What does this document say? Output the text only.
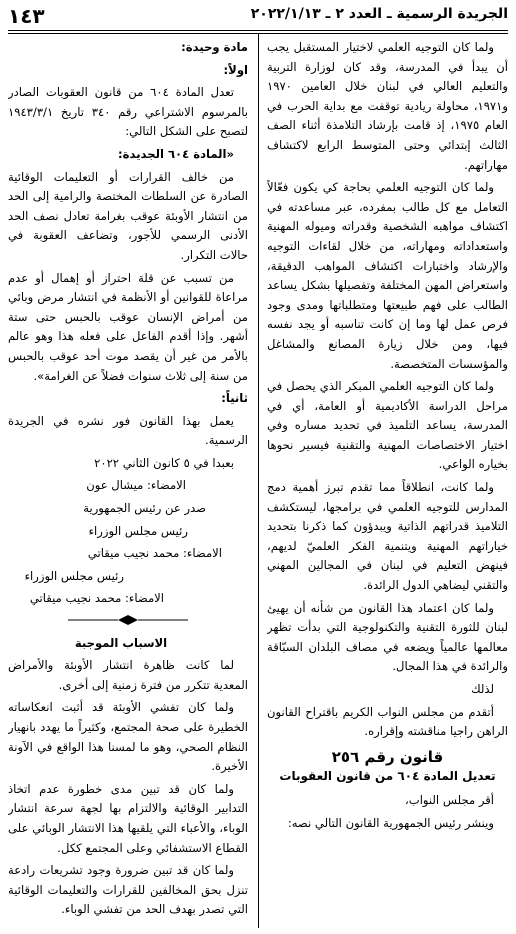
الجريدة الرسمية ـ العدد ٢ ـ ٢٠٢٢/١/١٣
١٤٣

ولما كان التوجيه العلمي لاختيار المستقبل يجب أن يبدأ في المدرسة، وقد كان لوزارة التربية والتعليم العالي في لبنان خلال العامين ١٩٧٠ و١٩٧١، محاولة ريادية توقفت مع بداية الحرب في العام ١٩٧٥، إذ قامت بإرشاد التلامذة أثناء الصف الثالث إبتدائي وحتى المتوسط الرابع لاكتشاف مهاراتهم.

ولما كان التوجيه العلمي بحاجة كي يكون فعّالاً التعامل مع كل طالب بمفرده، عبر مساعدته في اكتشاف مواهبه الشخصية وقدراته وميوله المهنية واستعداداته ومهاراته، من خلال لقاءات التوجيه والإرشاد واختبارات اكتشاف المواهب الدقيقة، واستعراض المهن المختلفة وتفصيلها بشكل يساعد الطالب على فهم طبيعتها ومتطلباتها ومدى وجود فرص عمل لها وما إن كانت تناسبه أو يجد نفسه فيها، ومن خلال زيارة المصانع والمشاغل والمؤسسات المتخصصة.

ولما كان التوجيه العلمي المبكر الذي يحصل في مراحل الدراسة الأكاديمية أو العامة، أي في المدرسة، يساعد التلميذ في تحديد مساره وفي اختيار الاختصاصات المهنية والتقنية فيسير نحوها بخياره الواعي.

ولما كانت، انطلاقاً مما تقدم تبرز أهمية دمج المدارس للتوجيه العلمي في برامجها، ليستكشف التلاميذ قدراتهم الذاتية ويبدؤون كما ذكرنا بتحديد خياراتهم المهنية ويتنمية الفكر العلميّ لديهم، فينهض التعليم في لبنان في المجالين المهني والتقني ليضاهي الدول الرائدة.

ولما كان اعتماد هذا القانون من شأنه أن يهيئ لبنان للثورة التقنية والتكنولوجية التي بدأت تظهر معالمها عالمياً ويضعه في مصاف البلدان السبّاقة والرائدة في هذا المجال.

لذلك

أتقدم من مجلس النواب الكريم باقتراح القانون الراهن راجيا مناقشته وإقراره.

قانون رقم ٢٥٦
تعديل المادة ٦٠٤ من قانون العقوبات

أقر مجلس النواب،

وينشر رئيس الجمهورية القانون التالي نصه:

مادة وحيدة:

اولاً:

تعدل المادة ٦٠٤ من قانون العقوبات الصادر بالمرسوم الاشتراعي رقم ٣٤٠ تاريخ ١٩٤٣/٣/١ لتصبح على الشكل التالي:

«المادة ٦٠٤ الجديدة:

من خالف القرارات أو التعليمات الوقائية الصادرة عن السلطات المختصة والرامية إلى الحد من انتشار الأوبئة عوقب بغرامة تعادل نصف الحد الأدنى الرسمي للأجور، وتضاعف العقوبة في حالات التكرار.

من تسبب عن قلة احتراز أو إهمال أو عدم مراعاة للقوانين أو الأنظمة في انتشار مرض وبائي من أمراض الإنسان عوقب بالحبس حتى ستة أشهر. وإذا أقدم الفاعل على فعله هذا وهو عالم بالأمر من غير أن يقصد موت أحد عوقب بالحبس من سنة إلى ثلاث سنوات فضلاً عن الغرامة».

ثانياً:

يعمل بهذا القانون فور نشره في الجريدة الرسمية.

بعبدا في ٥ كانون الثاني ٢٠٢٢

الامضاء: ميشال عون

صدر عن رئيس الجمهورية

رئيس مجلس الوزراء

الامضاء: محمد نجيب ميقاتي

رئيس مجلس الوزراء

الامضاء: محمد نجيب ميقاتي

الاسباب الموجبة

لما كانت ظاهرة انتشار الأوبئة والأمراض المعدية تتكرر من فترة زمنية إلى أخرى.

ولما كان تفشي الأوبئة قد أثبت انعكاساته الخطيرة على صحة المجتمع، وكثيراً ما يهدد بانهيار النظام الصحي، وهو ما لمسنا هذا الواقع في الآونة الأخيرة.

ولما كان قد تبين مدى خطورة عدم اتخاذ التدابير الوقائية والالتزام بها لجهة سرعة انتشار الوباء، والأعباء التي يلقيها هذا الانتشار الوبائي على القطاع الاستشفائي وعلى المجتمع ككل.

ولما كان قد تبين ضرورة وجود تشريعات رادعة تنزل بحق المخالفين للقرارات والتعليمات الوقائية التي تصدر بهدف الحد من تفشي الوباء.
